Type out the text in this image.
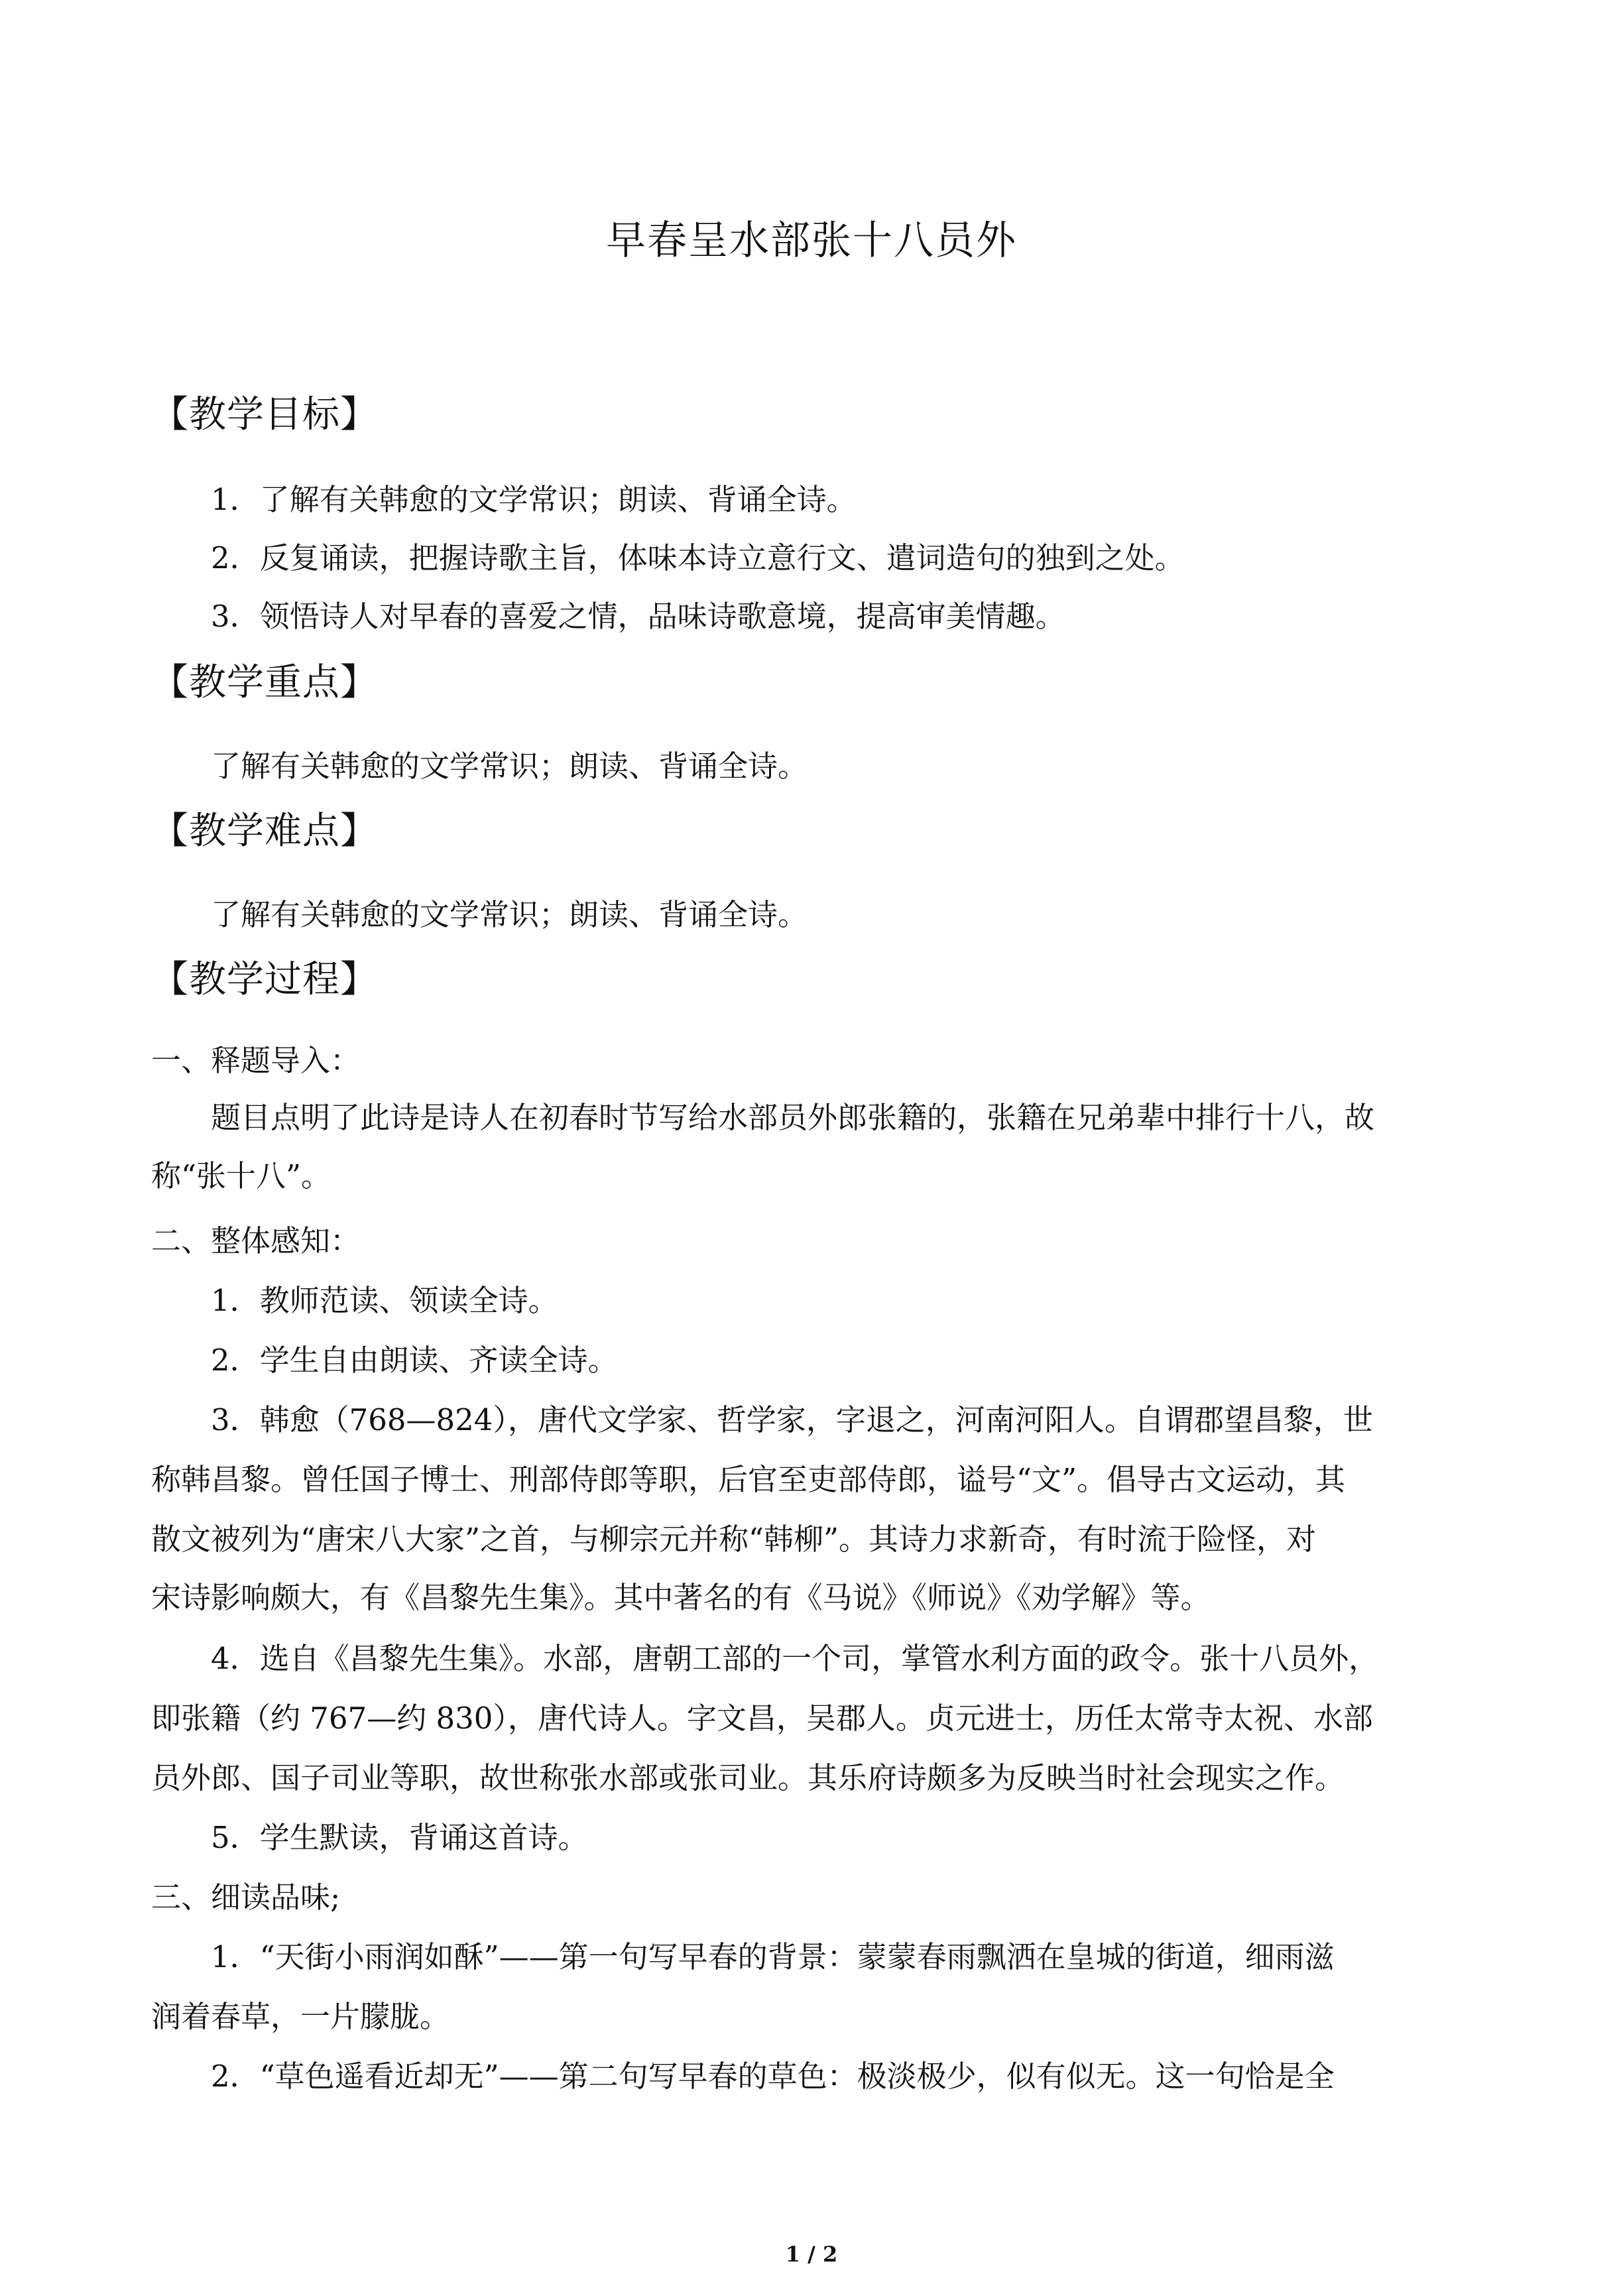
早春呈水部张十八员外
【教学目标】
1．了解有关韩愈的文学常识；朗读、背诵全诗。
2．反复诵读，把握诗歌主旨，体味本诗立意行文、遣词造句的独到之处。
3．领悟诗人对早春的喜爱之情，品味诗歌意境，提高审美情趣。
【教学重点】
了解有关韩愈的文学常识；朗读、背诵全诗。
【教学难点】
了解有关韩愈的文学常识；朗读、背诵全诗。
【教学过程】
一、释题导入：
题目点明了此诗是诗人在初春时节写给水部员外郎张籍的，张籍在兄弟辈中排行十八，故
称“张十八”。
二、整体感知：
1．教师范读、领读全诗。
2．学生自由朗读、齐读全诗。
3．韩愈（768—824），唐代文学家、哲学家，字退之，河南河阳人。自谓郡望昌黎，世
称韩昌黎。曾任国子博士、刑部侍郎等职，后官至吏部侍郎，谥号“文”。倡导古文运动，其
散文被列为“唐宋八大家”之首，与柳宗元并称“韩柳”。其诗力求新奇，有时流于险怪，对
宋诗影响颇大，有《昌黎先生集》。其中著名的有《马说》《师说》《劝学解》等。
4．选自《昌黎先生集》。水部，唐朝工部的一个司，掌管水利方面的政令。张十八员外，
即张籍（约 767—约 830），唐代诗人。字文昌，吴郡人。贞元进士，历任太常寺太祝、水部
员外郎、国子司业等职，故世称张水部或张司业。其乐府诗颇多为反映当时社会现实之作。
5．学生默读，背诵这首诗。
三、细读品味;
1．“天街小雨润如酥”——第一句写早春的背景：蒙蒙春雨飘洒在皇城的街道，细雨滋
润着春草，一片朦胧。
2．“草色遥看近却无”——第二句写早春的草色：极淡极少，似有似无。这一句恰是全
1 / 2
